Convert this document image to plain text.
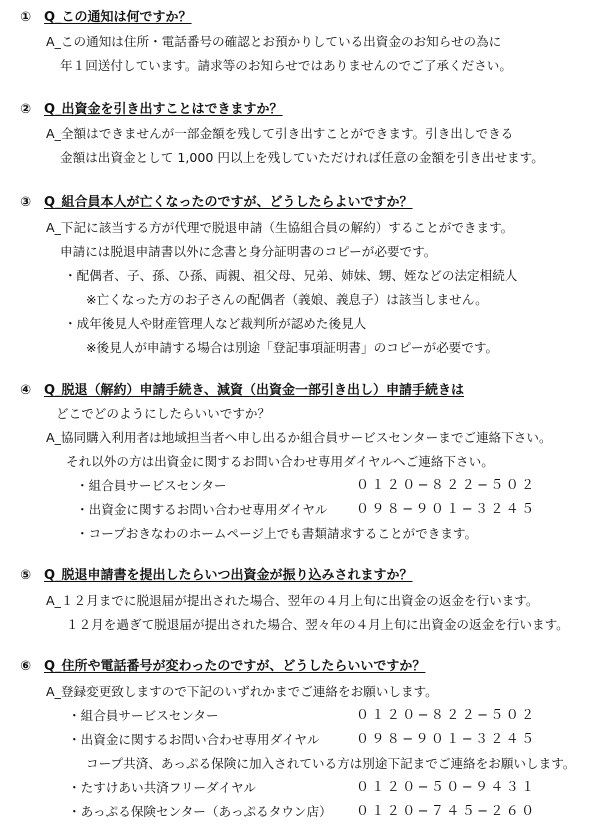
① Q_この通知は何ですか？
A_この通知は住所・電話番号の確認とお預かりしている出資金のお知らせの為に
年１回送付しています。請求等のお知らせではありませんのでご了承ください。
② Q_出資金を引き出すことはできますか？
A_全額はできませんが一部金額を残して引き出すことができます。引き出しできる
金額は出資金として 1,000 円以上を残していただければ任意の金額を引き出せます。
③ Q_組合員本人が亡くなったのですが、どうしたらよいですか？
A_下記に該当する方が代理で脱退申請（生協組合員の解約）することができます。
申請には脱退申請書以外に念書と身分証明書のコピーが必要です。
・配偶者、子、孫、ひ孫、両親、祖父母、兄弟、姉妹、甥、姪などの法定相続人
※亡くなった方のお子さんの配偶者（義娘、義息子）は該当しません。
・成年後見人や財産管理人など裁判所が認めた後見人
※後見人が申請する場合は別途「登記事項証明書」のコピーが必要です。
④ Q_脱退（解約）申請手続き、減資（出資金一部引き出し）申請手続きは
どこでどのようにしたらいいですか？
A_協同購入利用者は地域担当者へ申し出るか組合員サービスセンターまでご連絡下さい。
それ以外の方は出資金に関するお問い合わせ専用ダイヤルへご連絡下さい。
・組合員サービスセンター	０１２０−８２２−５０２
・出資金に関するお問い合わせ専用ダイヤル ０９８−９０１−３２４５
・コープおきなわのホームページ上でも書類請求することができます。
⑤ Q_脱退申請書を提出したらいつ出資金が振り込みされますか？
A_１２月までに脱退届が提出された場合、翌年の４月上旬に出資金の返金を行います。
１２月を過ぎて脱退届が提出された場合、翌々年の４月上旬に出資金の返金を行います。
⑥ Q_住所や電話番号が変わったのですが、どうしたらいいですか？
A_登録変更致しますので下記のいずれかまでご連絡をお願いします。
・組合員サービスセンター	０１２０−８２２−５０２
・出資金に関するお問い合わせ専用ダイヤル	０９８−９０１−３２４５
コープ共済、あっぷる保険に加入されている方は別途下記までご連絡をお願いします。
・たすけあい共済フリーダイヤル	０１２０−５０−９４３１
・あっぷる保険センター（あっぷるタウン店） ０１２０−７４５−２６０
